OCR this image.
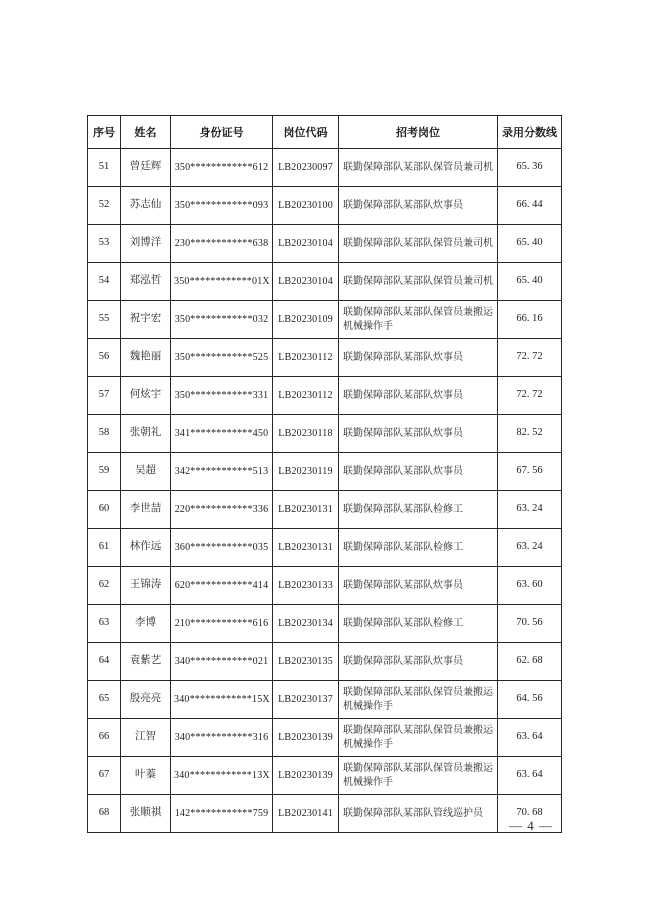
序号	姓名	身份证号	岗位代码	招考岗位	录用分数线
51	曾廷辉	350************612	LB20230097	联勤保障部队某部队保管员兼司机	65. 36
52	苏志仙	350************093	LB20230100	联勤保障部队某部队炊事员	66. 44
53	刘博洋	230************638	LB20230104	联勤保障部队某部队保管员兼司机	65. 40
54	郑泓哲	350************01X	LB20230104	联勤保障部队某部队保管员兼司机	65. 40
55	祝宇宏	350************032	LB20230109	联勤保障部队某部队保管员兼搬运机械操作手	66. 16
56	魏艳丽	350************525	LB20230112	联勤保障部队某部队炊事员	72. 72
57	何炫宇	350************331	LB20230112	联勤保障部队某部队炊事员	72. 72
58	张朝礼	341************450	LB20230118	联勤保障部队某部队炊事员	82. 52
59	吴超	342************513	LB20230119	联勤保障部队某部队炊事员	67. 56
60	李世喆	220************336	LB20230131	联勤保障部队某部队检修工	63. 24
61	林作远	360************035	LB20230131	联勤保障部队某部队检修工	63. 24
62	王锦涛	620************414	LB20230133	联勤保障部队某部队炊事员	63. 60
63	李博	210************616	LB20230134	联勤保障部队某部队检修工	70. 56
64	袁紫艺	340************021	LB20230135	联勤保障部队某部队炊事员	62. 68
65	殷亮亮	340************15X	LB20230137	联勤保障部队某部队保管员兼搬运机械操作手	64. 56
66	江智	340************316	LB20230139	联勤保障部队某部队保管员兼搬运机械操作手	63. 64
67	叶蓁	340************13X	LB20230139	联勤保障部队某部队保管员兼搬运机械操作手	63. 64
68	张顺祺	142************759	LB20230141	联勤保障部队某部队管线巡护员	70. 68
— 4 —
